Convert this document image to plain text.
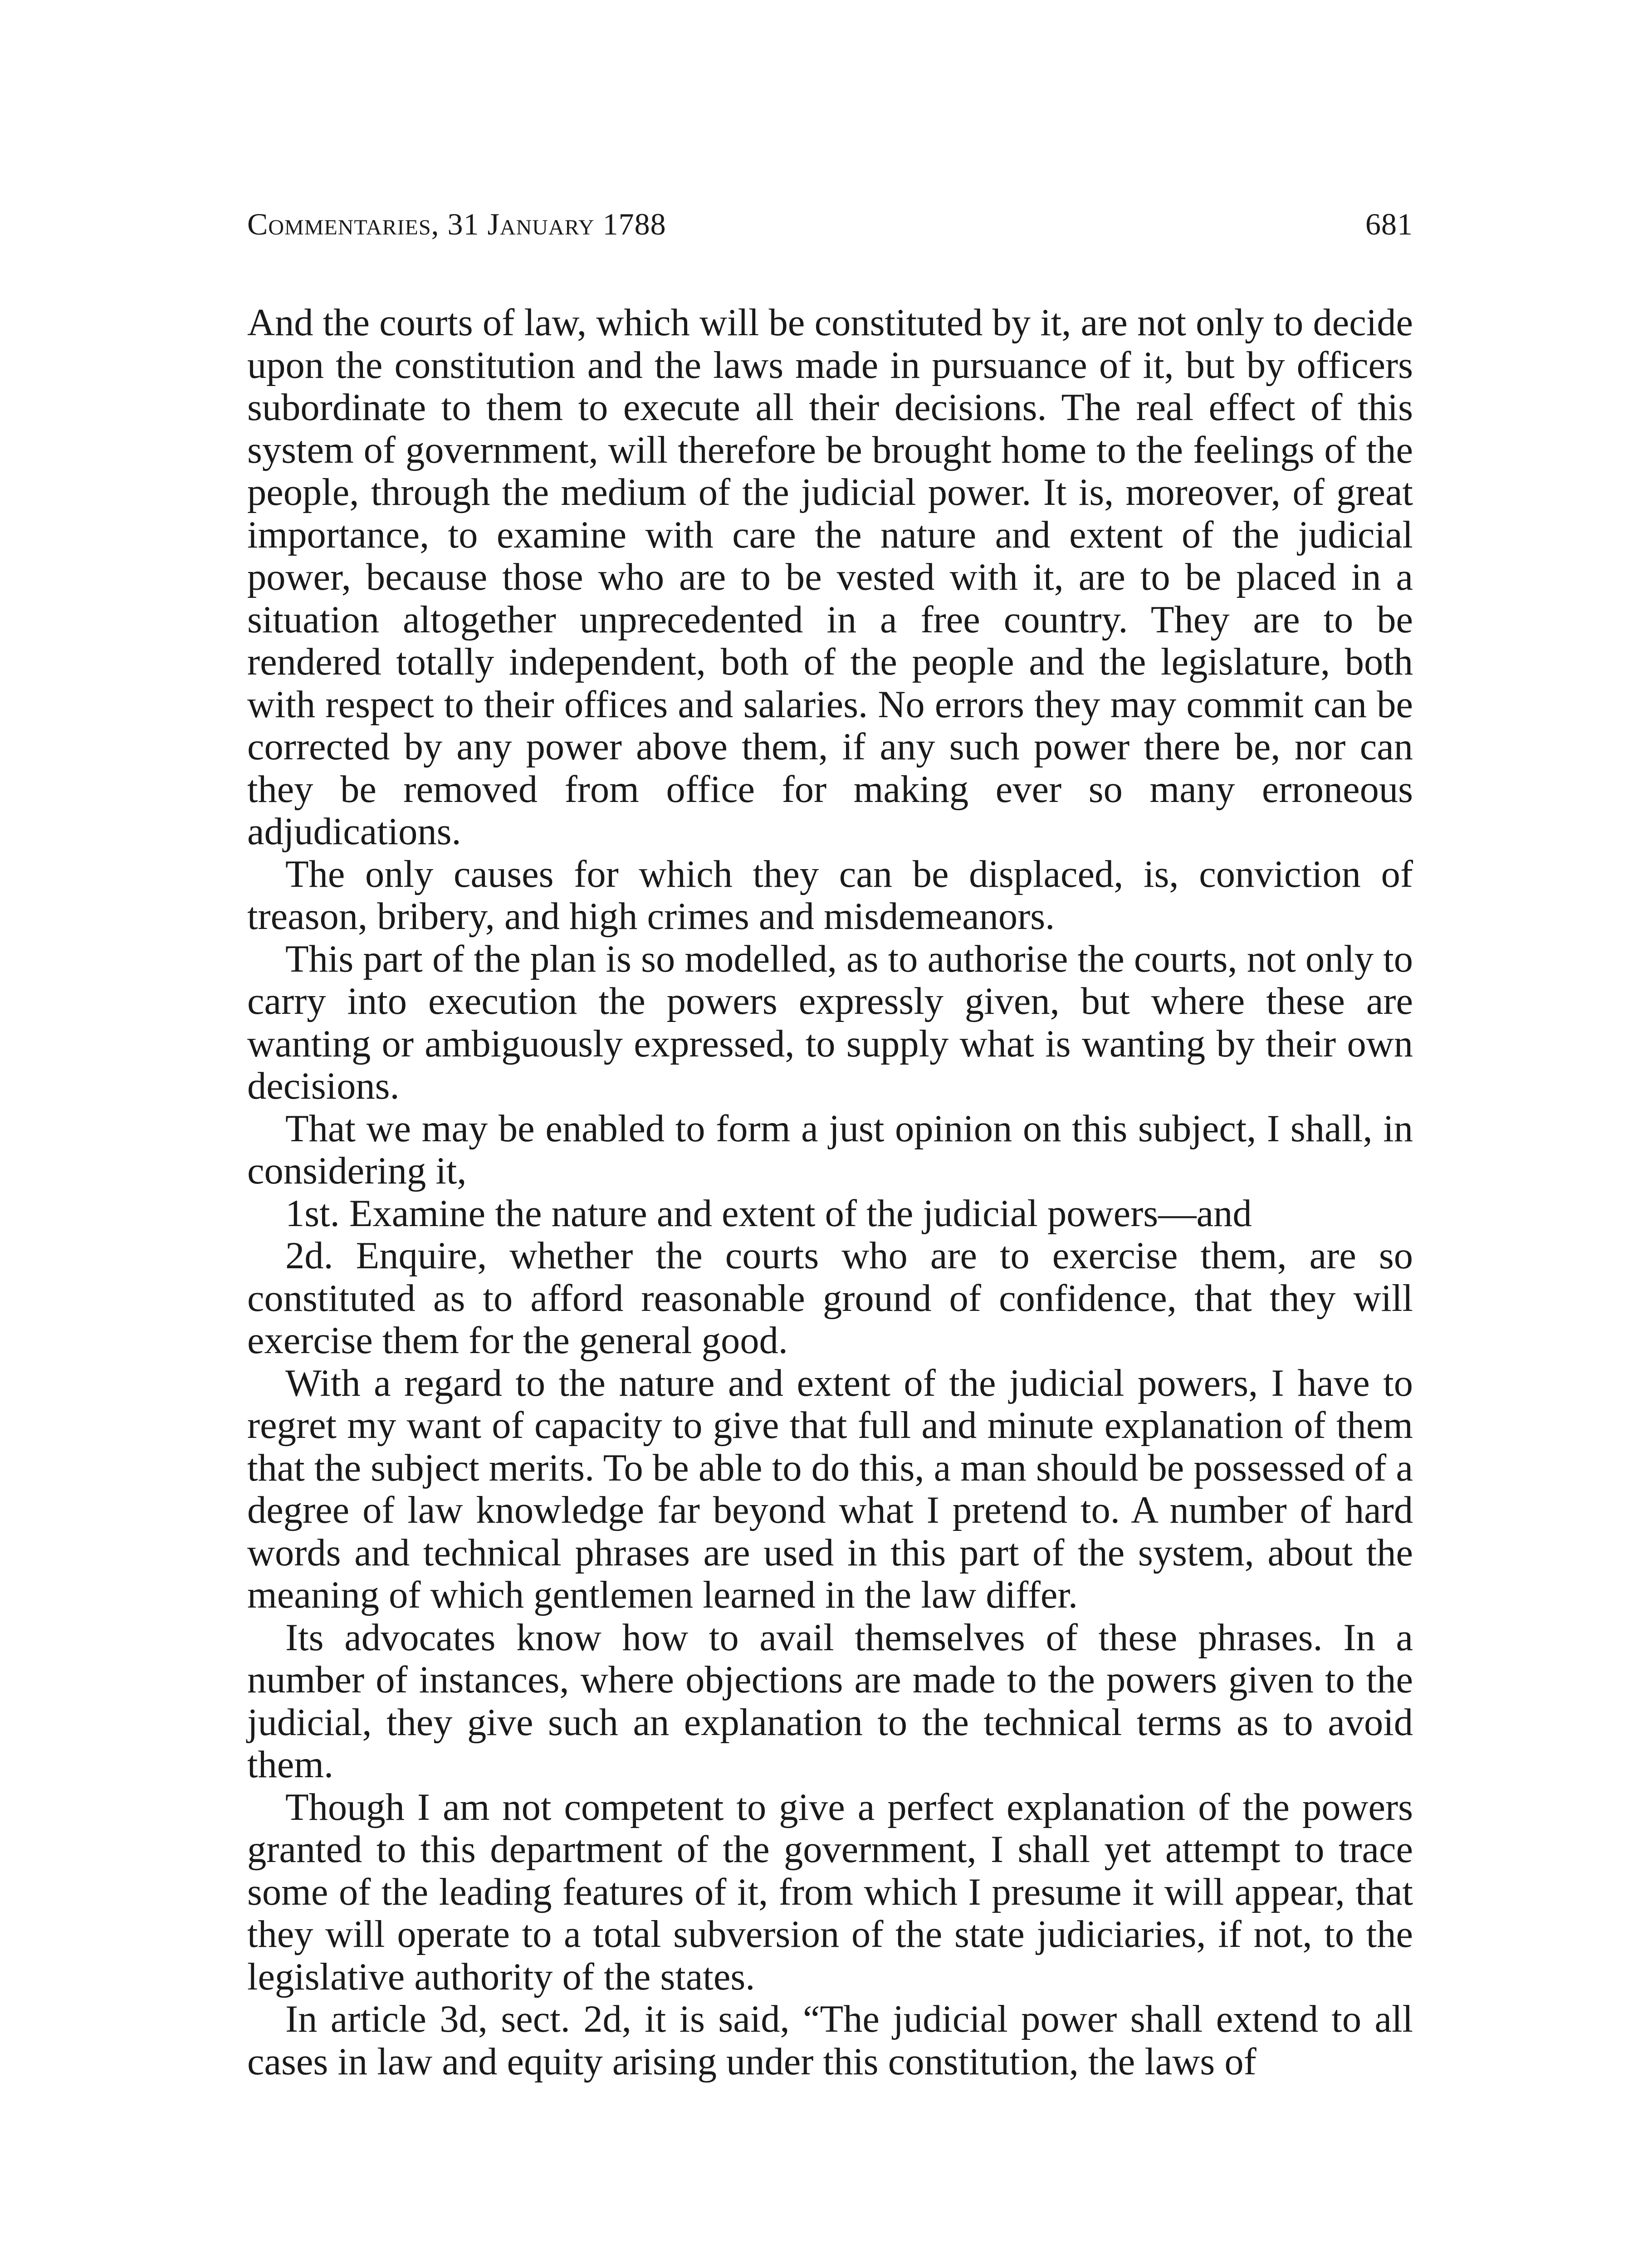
Commentaries, 31 January 1788	681

And the courts of law, which will be constituted by it, are not only to decide upon the constitution and the laws made in pursuance of it, but by officers subordinate to them to execute all their decisions. The real effect of this system of government, will therefore be brought home to the feelings of the people, through the medium of the judicial power. It is, moreover, of great importance, to examine with care the nature and extent of the judicial power, because those who are to be vested with it, are to be placed in a situation altogether unprecedented in a free country. They are to be rendered totally independent, both of the people and the legislature, both with respect to their offices and salaries. No errors they may commit can be corrected by any power above them, if any such power there be, nor can they be removed from office for making ever so many erroneous adjudications.

The only causes for which they can be displaced, is, conviction of treason, bribery, and high crimes and misdemeanors.

This part of the plan is so modelled, as to authorise the courts, not only to carry into execution the powers expressly given, but where these are wanting or ambiguously expressed, to supply what is wanting by their own decisions.

That we may be enabled to form a just opinion on this subject, I shall, in considering it,

1st. Examine the nature and extent of the judicial powers—and

2d. Enquire, whether the courts who are to exercise them, are so constituted as to afford reasonable ground of confidence, that they will exercise them for the general good.

With a regard to the nature and extent of the judicial powers, I have to regret my want of capacity to give that full and minute explanation of them that the subject merits. To be able to do this, a man should be possessed of a degree of law knowledge far beyond what I pretend to. A number of hard words and technical phrases are used in this part of the system, about the meaning of which gentlemen learned in the law differ.

Its advocates know how to avail themselves of these phrases. In a number of instances, where objections are made to the powers given to the judicial, they give such an explanation to the technical terms as to avoid them.

Though I am not competent to give a perfect explanation of the powers granted to this department of the government, I shall yet attempt to trace some of the leading features of it, from which I presume it will appear, that they will operate to a total subversion of the state judiciaries, if not, to the legislative authority of the states.

In article 3d, sect. 2d, it is said, “The judicial power shall extend to all cases in law and equity arising under this constitution, the laws of
